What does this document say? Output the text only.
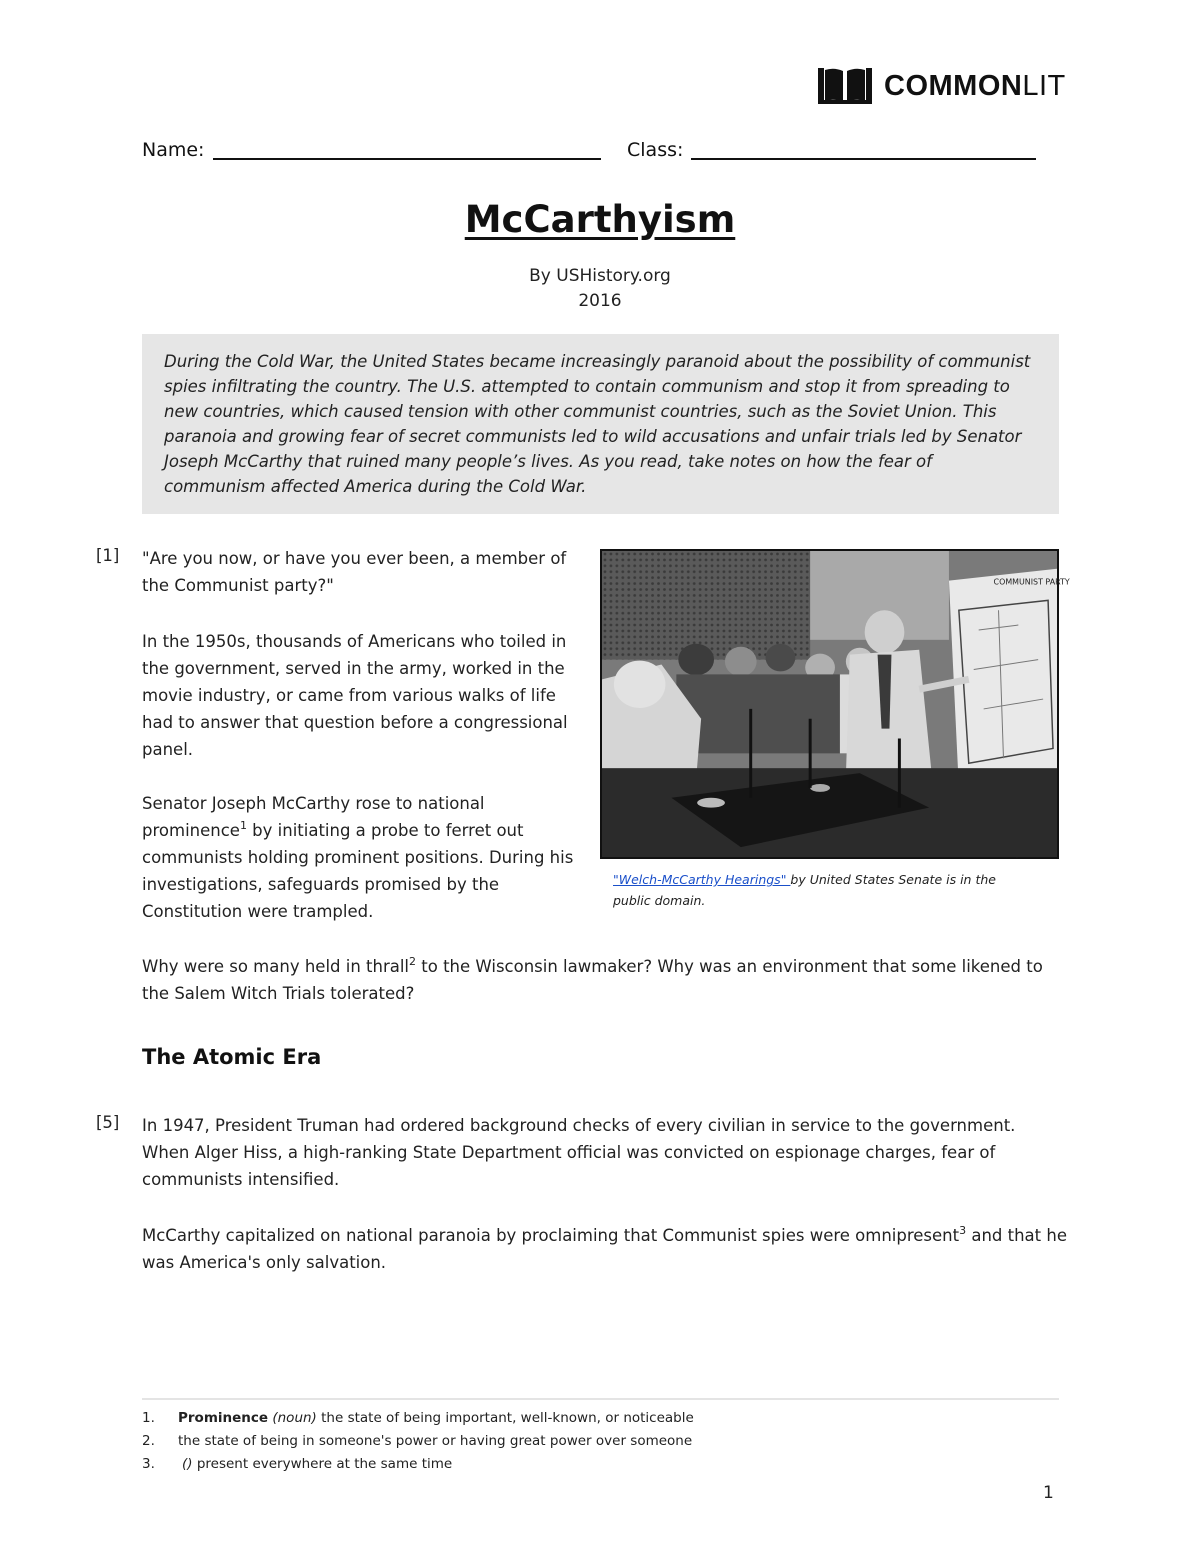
COMMONLIT
Name:	Class:
McCarthyism
By USHistory.org
2016
During the Cold War, the United States became increasingly paranoid about the possibility of communist spies infiltrating the country. The U.S. attempted to contain communism and stop it from spreading to new countries, which caused tension with other communist countries, such as the Soviet Union. This paranoia and growing fear of secret communists led to wild accusations and unfair trials led by Senator Joseph McCarthy that ruined many people’s lives. As you read, take notes on how the fear of communism affected America during the Cold War.
[1] "Are you now, or have you ever been, a member of the Communist party?"
In the 1950s, thousands of Americans who toiled in the government, served in the army, worked in the movie industry, or came from various walks of life had to answer that question before a congressional panel.
Senator Joseph McCarthy rose to national prominence$^1$ by initiating a probe to ferret out communists holding prominent positions. During his investigations, safeguards promised by the Constitution were trampled.
COMMUNIST PARTY
"Welch-McCarthy Hearings" by United States Senate is in the public domain.
Why were so many held in thrall$^2$ to the Wisconsin lawmaker? Why was an environment that some likened to the Salem Witch Trials tolerated?
The Atomic Era
[5] In 1947, President Truman had ordered background checks of every civilian in service to the government. When Alger Hiss, a high-ranking State Department official was convicted on espionage charges, fear of communists intensified.
McCarthy capitalized on national paranoia by proclaiming that Communist spies were omnipresent$^3$ and that he was America's only salvation.
1. Prominence (noun) the state of being important, well-known, or noticeable
2. the state of being in someone's power or having great power over someone
3. () present everywhere at the same time
1
